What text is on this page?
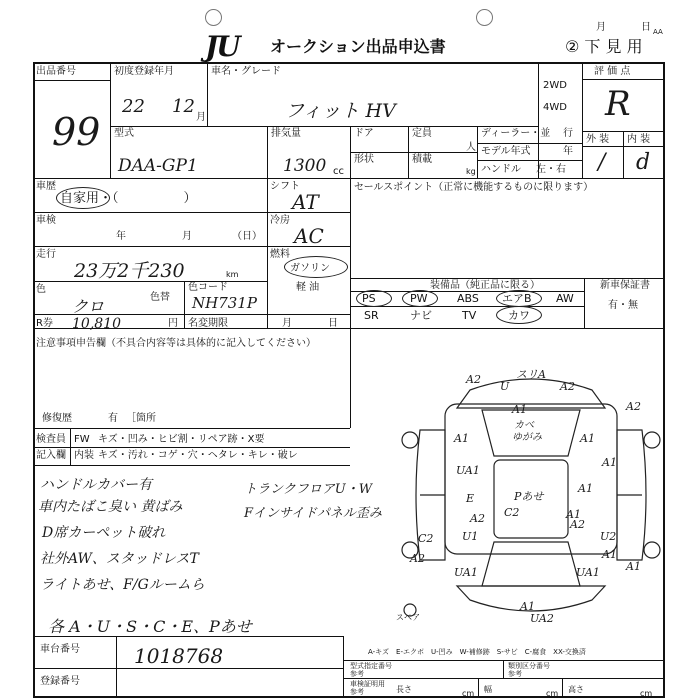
JU オークション出品申込書
月	日 AA
② 下 見 用
出品番号
99
初度登録年月
22 12
月
車名・グレード
フィット HV
2WD
4WD
評 価 点
R
外 装 内 装
/ d
型式
DAA-GP1
排気量
1300 cc
ドア	定員
人
形状	積載
kg
ディーラー・並 行
モデル年式	年
ハンドル 左・右
車歴
自家用・（　　　　　）
シフト
AT
セールスポイント（正常に機能するものに限ります）
車検
年	月	（日）
冷房
AC
走行
23万2千230	km
燃料
ガソリン
軽 油
色
クロ	色替
色コード
NH731P
装備品（純正品に限る）	新車保証書
有・無
PS	PW	ABS エアB AW
SR	ナビ	TV	カワ
R券 10,810	円 名変期限	月	日
注意事項申告欄（不具合内容等は具体的に記入してください）
修復歴	有 ［箇所
検査員 FW キズ・凹み・ヒビ割・リペア跡・X要
記入欄 内装 キズ・汚れ・コゲ・穴・ヘタレ・キレ・破レ
ハンドルカバー有
車内たばこ臭い 黄ばみ
D席カーペット破れ
社外AW、スタッドレスT
ライトあせ、F/Gルームら
各 A・U・S・C・E、Pあせ
トランクフロアU・W
Fインサイドパネル歪み
スペア
A2
U	A2
スリA
A2
A1
A1	A1
カベ
ゆがみ
A1
UA1
A1
E	Pあせ
A2 C2	A1
A2
C2	U1
A2
U2
A1
UA1	UA1 A1
A1
UA2
A-キズ　E-エクボ　U-凹み　W-補修跡　S-サビ　C-腐食　XX-交換済
車台番号	1018768
登録番号
型式指定番号
参考
類別区分番号
参考
車検証明用
参考	長さ	cm 幅	cm 高さ	cm
